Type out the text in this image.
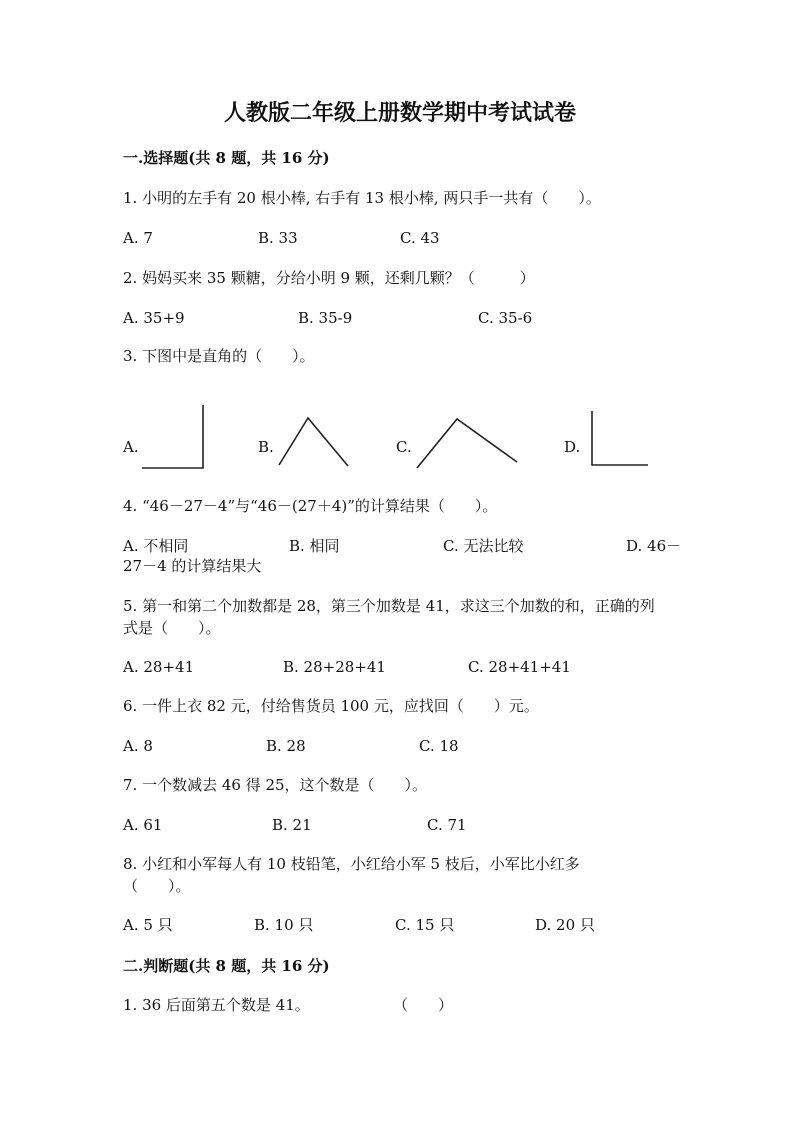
人教版二年级上册数学期中考试试卷
一.选择题(共 8 题，共 16 分)
1. 小明的左手有 20 根小棒, 右手有 13 根小棒, 两只手一共有（　　）。
A. 7	B. 33	C. 43
2. 妈妈买来 35 颗糖，分给小明 9 颗，还剩几颗？（　　　）
A. 35+9	B. 35-9	C. 35-6
3. 下图中是直角的（　　）。
A.	B.	C.	D.
4. “46－27－4”与“46－(27＋4)”的计算结果（　　）。
A. 不相同	B. 相同	C. 无法比较	D. 46－
27－4 的计算结果大
5. 第一和第二个加数都是 28，第三个加数是 41，求这三个加数的和，正确的列
式是（　　）。
A. 28+41	B. 28+28+41	C. 28+41+41
6. 一件上衣 82 元，付给售货员 100 元，应找回（　　）元。
A. 8	B. 28	C. 18
7. 一个数减去 46 得 25，这个数是（　　）。
A. 61	B. 21	C. 71
8. 小红和小军每人有 10 枝铅笔，小红给小军 5 枝后，小军比小红多
（　　）。
A. 5 只	B. 10 只	C. 15 只	D. 20 只
二.判断题(共 8 题，共 16 分)
1. 36 后面第五个数是 41。	（　　）
